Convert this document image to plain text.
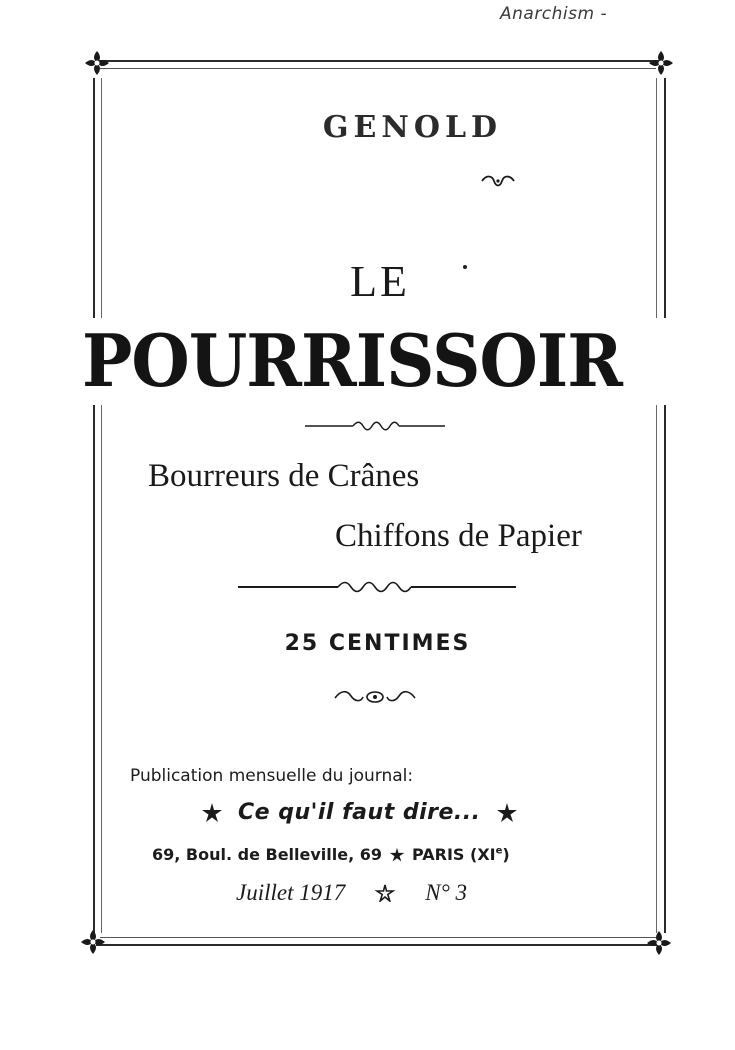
Anarchism -
GENOLD
LE
POURRISSOIR
Bourreurs de Crânes
Chiffons de Papier
25 CENTIMES
Publication mensuelle du journal:
Ce qu'il faut dire...
69, Boul. de Belleville, 69 PARIS (XIe)
Juillet 1917	N° 3
